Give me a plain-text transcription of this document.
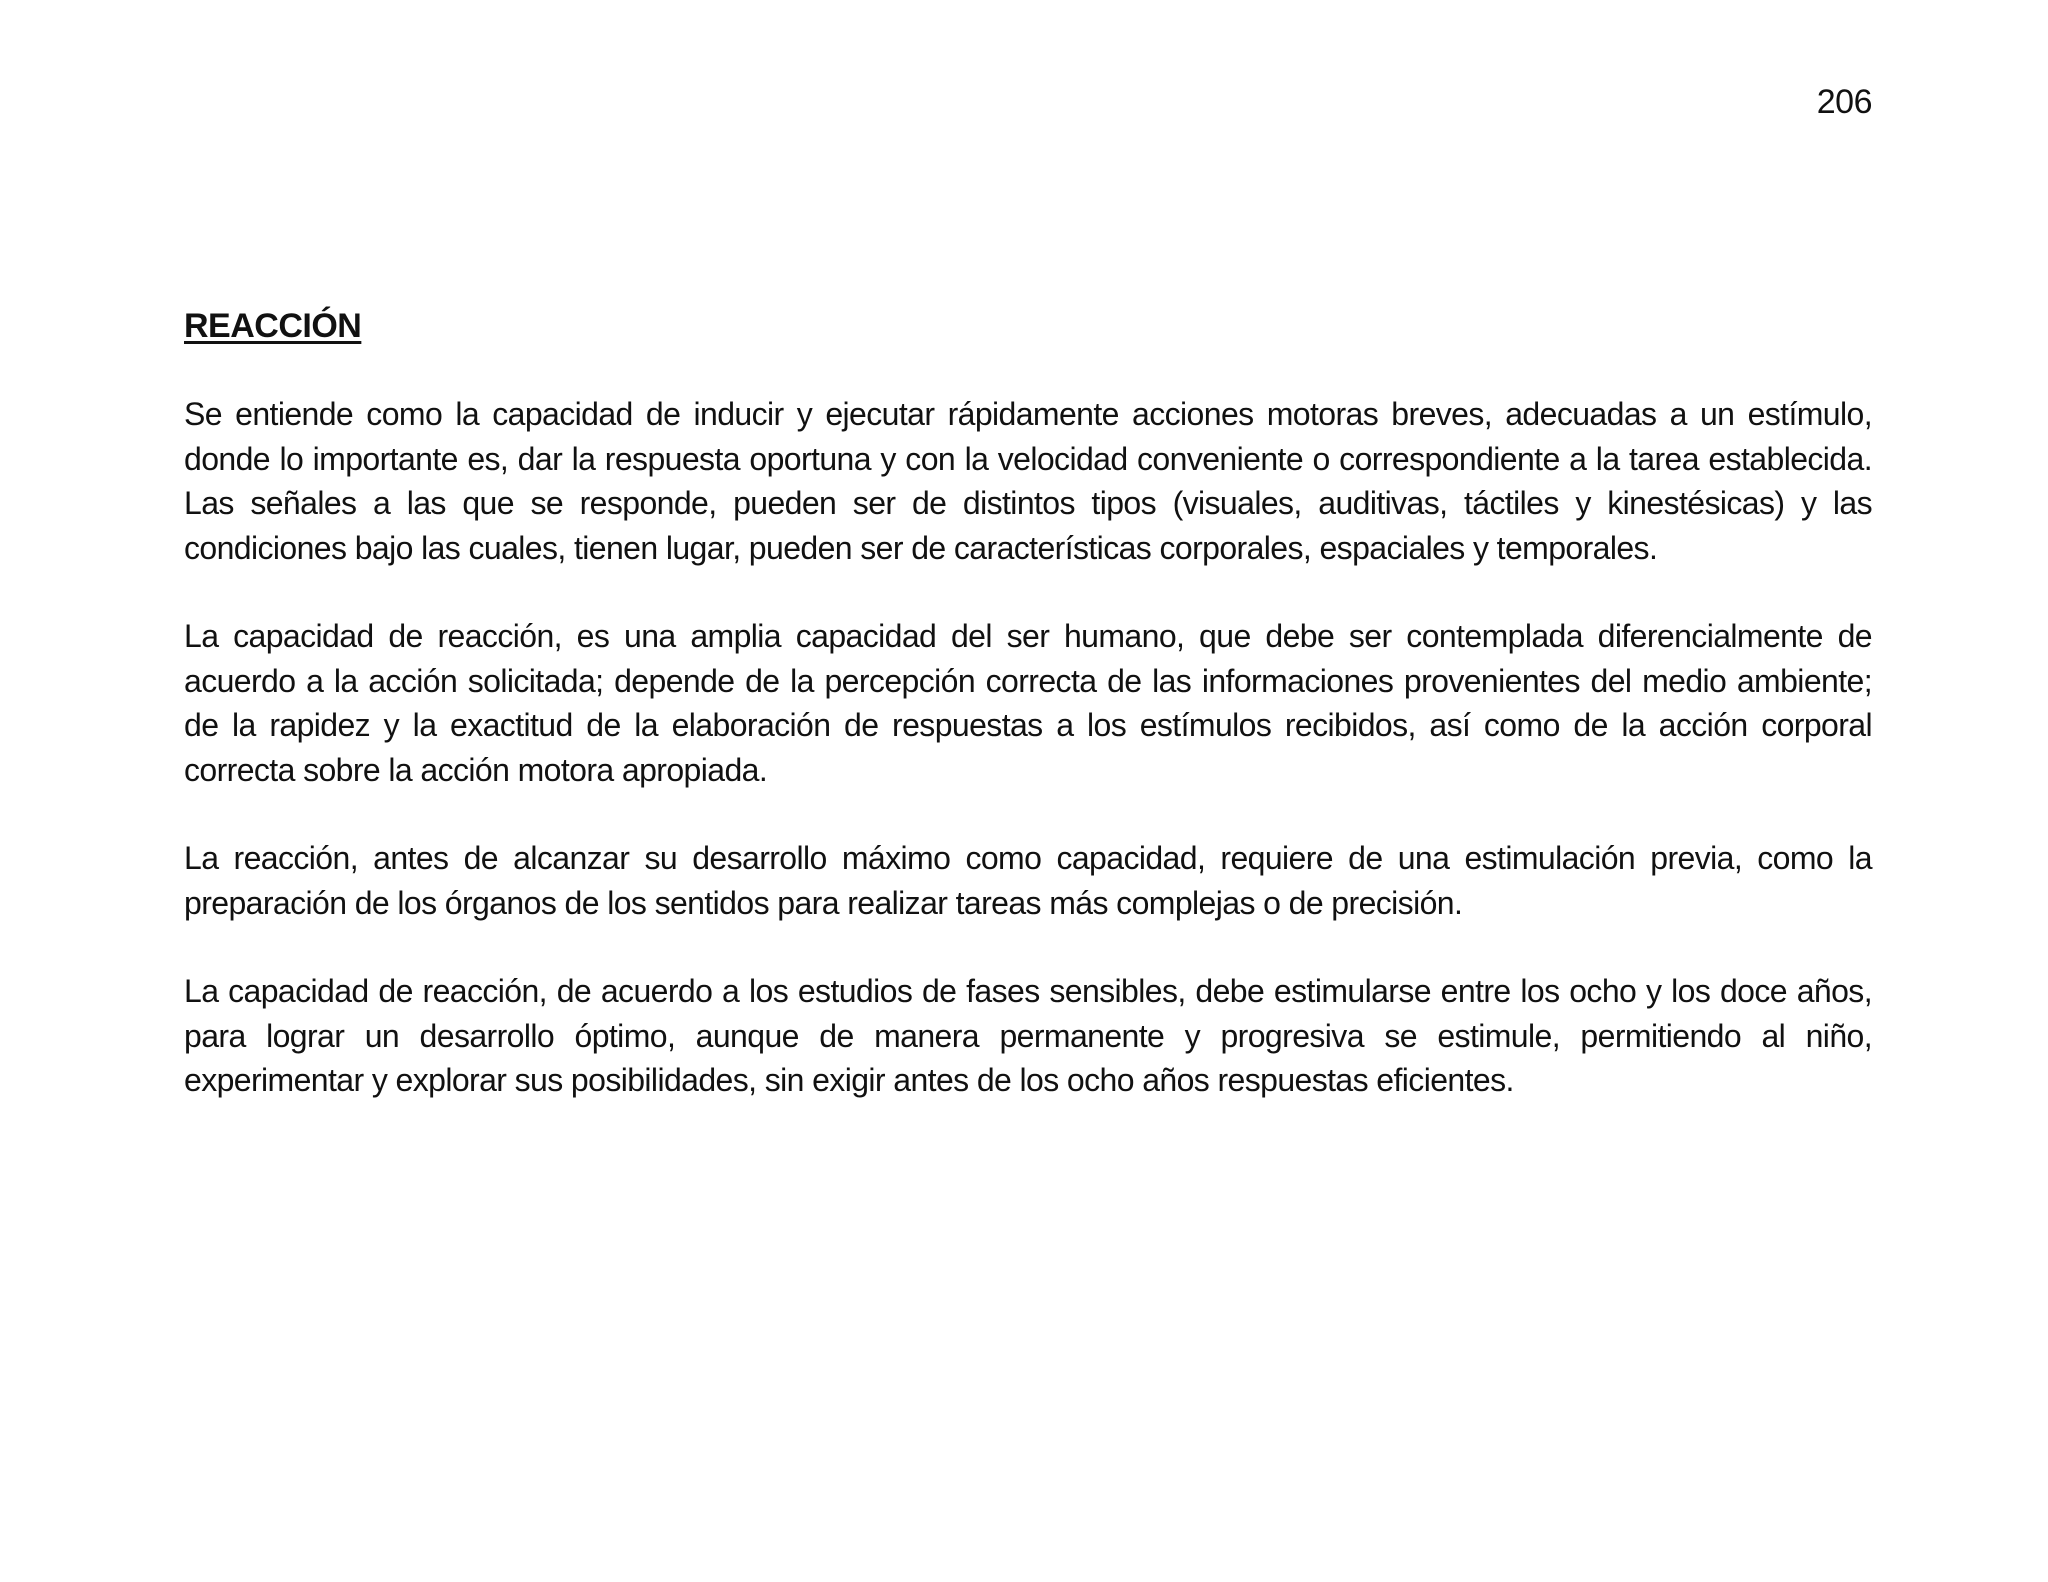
206
REACCIÓN

Se entiende como la capacidad de inducir y ejecutar rápidamente acciones motoras breves, adecuadas a un estímulo, donde lo importante es, dar la respuesta oportuna y con la velocidad conveniente o correspondiente a la tarea establecida. Las señales a las que se responde, pueden ser de distintos tipos (visuales, auditivas, táctiles y kinestésicas) y las condiciones bajo las cuales, tienen lugar, pueden ser de características corporales, espaciales y temporales.

La capacidad de reacción, es una amplia capacidad del ser humano, que debe ser contemplada diferencialmente de acuerdo a la acción solicitada; depende de la percepción correcta de las informaciones provenientes del medio ambiente; de la rapidez y la exactitud de la elaboración de respuestas a los estímulos recibidos, así como de la acción corporal correcta sobre la acción motora apropiada.

La reacción, antes de alcanzar su desarrollo máximo como capacidad, requiere de una estimulación previa, como la preparación de los órganos de los sentidos para realizar tareas más complejas o de precisión.

La capacidad de reacción, de acuerdo a los estudios de fases sensibles, debe estimularse entre los ocho y los doce años, para lograr un desarrollo óptimo, aunque de manera permanente y progresiva se estimule, permitiendo al niño, experimentar y explorar sus posibilidades, sin exigir antes de los ocho años respuestas eficientes.
